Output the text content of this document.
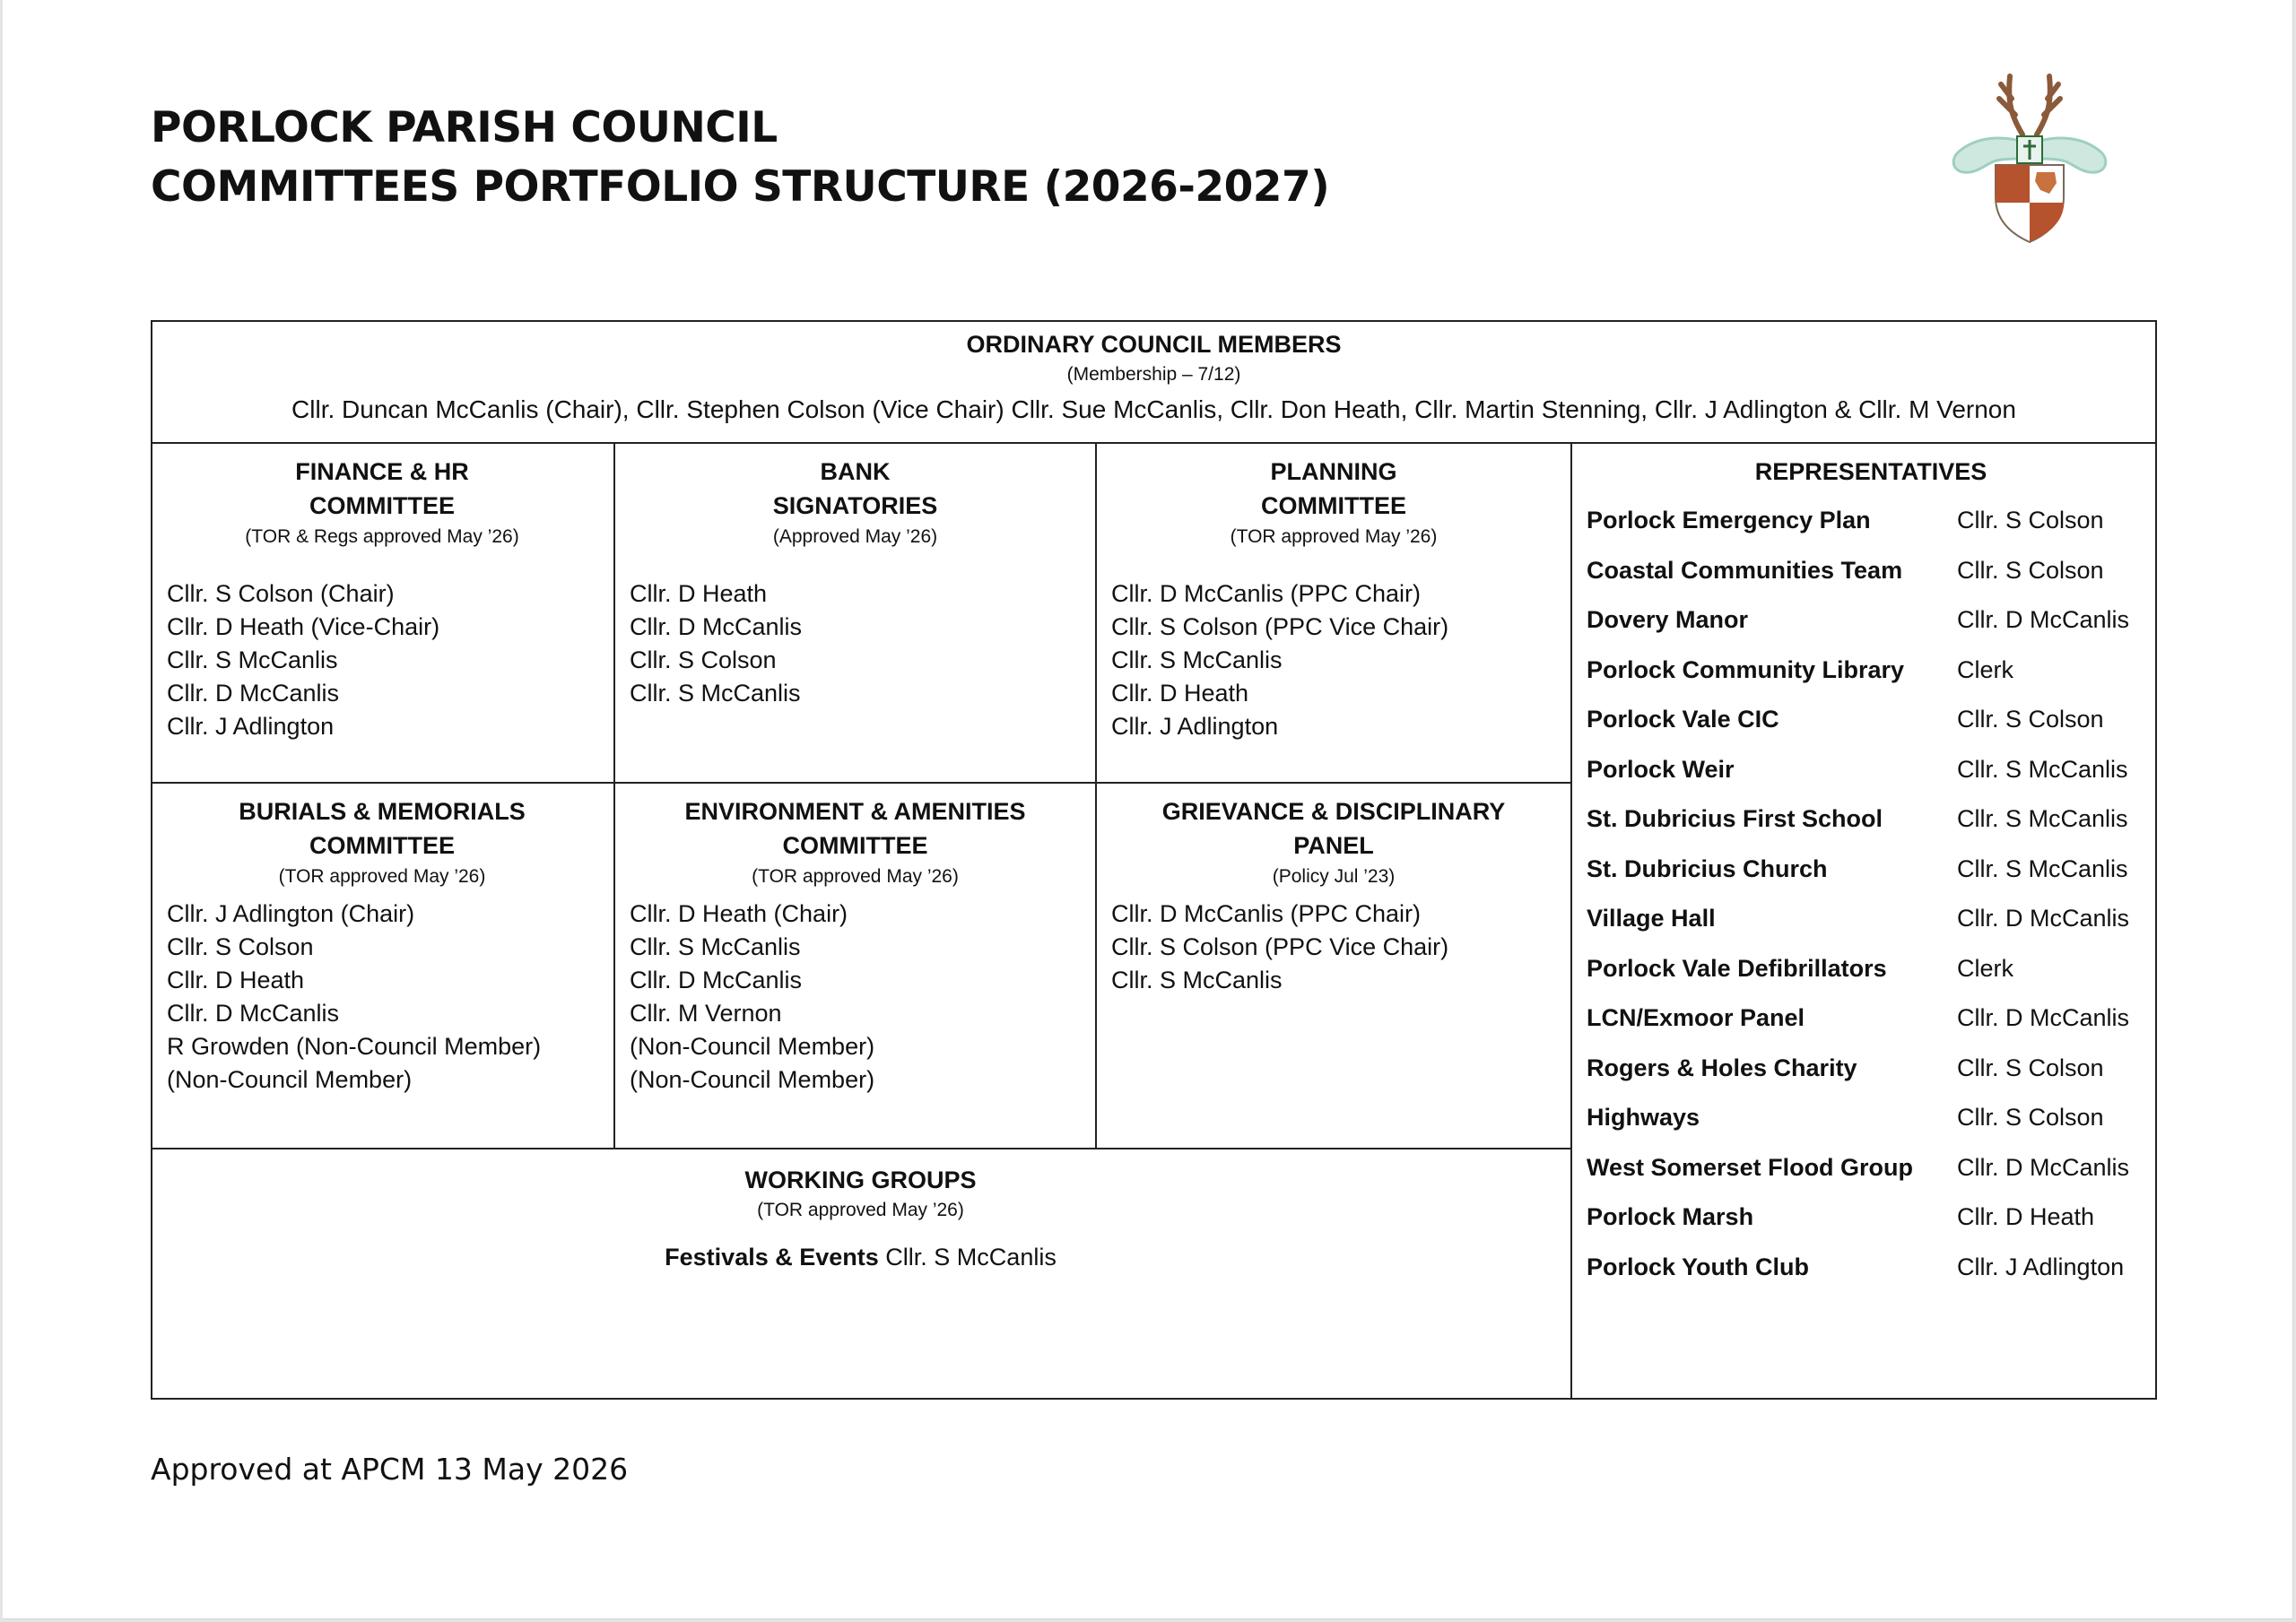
PORLOCK PARISH COUNCIL
COMMITTEES PORTFOLIO STRUCTURE (2026-2027)
ORDINARY COUNCIL MEMBERS
(Membership – 7/12)
Cllr. Duncan McCanlis (Chair), Cllr. Stephen Colson (Vice Chair) Cllr. Sue McCanlis, Cllr. Don Heath, Cllr. Martin Stenning, Cllr. J Adlington & Cllr. M Vernon
FINANCE & HR
COMMITTEE
(TOR & Regs approved May ’26)
Cllr. S Colson (Chair)
Cllr. D Heath (Vice-Chair)
Cllr. S McCanlis
Cllr. D McCanlis
Cllr. J Adlington
BANK
SIGNATORIES
(Approved May ’26)
Cllr. D Heath
Cllr. D McCanlis
Cllr. S Colson
Cllr. S McCanlis
PLANNING
COMMITTEE
(TOR approved May ’26)
Cllr. D McCanlis (PPC Chair)
Cllr. S Colson (PPC Vice Chair)
Cllr. S McCanlis
Cllr. D Heath
Cllr. J Adlington
BURIALS & MEMORIALS
COMMITTEE
(TOR approved May ’26)
Cllr. J Adlington (Chair)
Cllr. S Colson
Cllr. D Heath
Cllr. D McCanlis
R Growden (Non-Council Member)
(Non-Council Member)
ENVIRONMENT & AMENITIES
COMMITTEE
(TOR approved May ’26)
Cllr. D Heath (Chair)
Cllr. S McCanlis
Cllr. D McCanlis
Cllr. M Vernon
(Non-Council Member)
(Non-Council Member)
GRIEVANCE & DISCIPLINARY
PANEL
(Policy Jul ’23)
Cllr. D McCanlis (PPC Chair)
Cllr. S Colson (PPC Vice Chair)
Cllr. S McCanlis
WORKING GROUPS
(TOR approved May ’26)
Festivals & Events Cllr. S McCanlis
REPRESENTATIVES
Porlock Emergency Plan	Cllr. S Colson
Coastal Communities Team	Cllr. S Colson
Dovery Manor	Cllr. D McCanlis
Porlock Community Library	Clerk
Porlock Vale CIC	Cllr. S Colson
Porlock Weir	Cllr. S McCanlis
St. Dubricius First School	Cllr. S McCanlis
St. Dubricius Church	Cllr. S McCanlis
Village Hall	Cllr. D McCanlis
Porlock Vale Defibrillators	Clerk
LCN/Exmoor Panel	Cllr. D McCanlis
Rogers & Holes Charity	Cllr. S Colson
Highways	Cllr. S Colson
West Somerset Flood Group	Cllr. D McCanlis
Porlock Marsh	Cllr. D Heath
Porlock Youth Club	Cllr. J Adlington
Approved at APCM 13 May 2026
